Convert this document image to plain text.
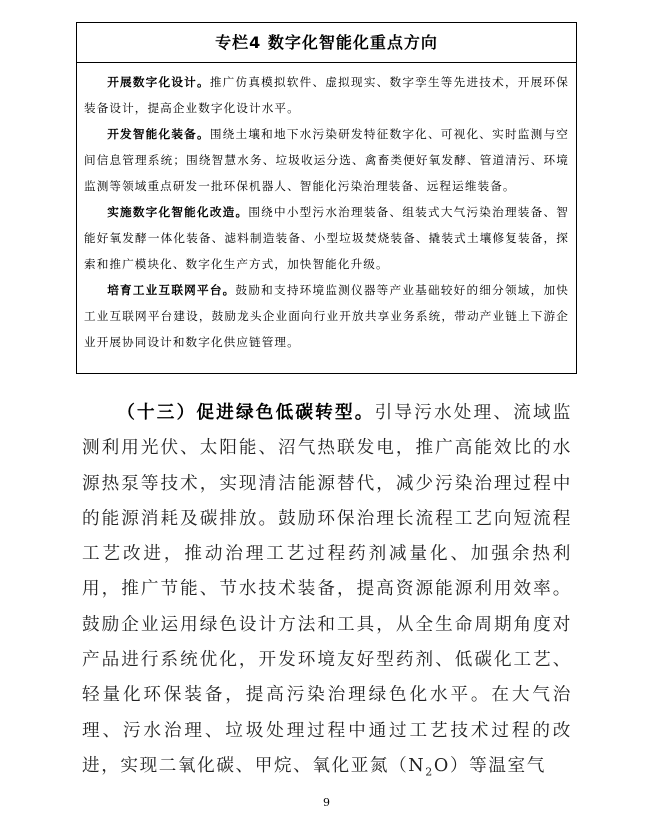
专栏4 数字化智能化重点方向

开展数字化设计。推广仿真模拟软件、虚拟现实、数字孪生等先进技术，开展环保装备设计，提高企业数字化设计水平。

开发智能化装备。围绕土壤和地下水污染研发特征数字化、可视化、实时监测与空间信息管理系统；围绕智慧水务、垃圾收运分选、禽畜类便好氧发酵、管道清污、环境监测等领域重点研发一批环保机器人、智能化污染治理装备、远程运维装备。

实施数字化智能化改造。围绕中小型污水治理装备、组装式大气污染治理装备、智能好氧发酵一体化装备、滤料制造装备、小型垃圾焚烧装备、撬装式土壤修复装备，探索和推广模块化、数字化生产方式，加快智能化升级。

培育工业互联网平台。鼓励和支持环境监测仪器等产业基础较好的细分领域，加快工业互联网平台建设，鼓励龙头企业面向行业开放共享业务系统，带动产业链上下游企业开展协同设计和数字化供应链管理。

（十三）促进绿色低碳转型。引导污水处理、流域监测利用光伏、太阳能、沼气热联发电，推广高能效比的水源热泵等技术，实现清洁能源替代，减少污染治理过程中的能源消耗及碳排放。鼓励环保治理长流程工艺向短流程工艺改进，推动治理工艺过程药剂减量化、加强余热利用，推广节能、节水技术装备，提高资源能源利用效率。鼓励企业运用绿色设计方法和工具，从全生命周期角度对产品进行系统优化，开发环境友好型药剂、低碳化工艺、轻量化环保装备，提高污染治理绿色化水平。在大气治理、污水治理、垃圾处理过程中通过工艺技术过程的改进，实现二氧化碳、甲烷、氧化亚氮$(N_2O)$等温室气

9
